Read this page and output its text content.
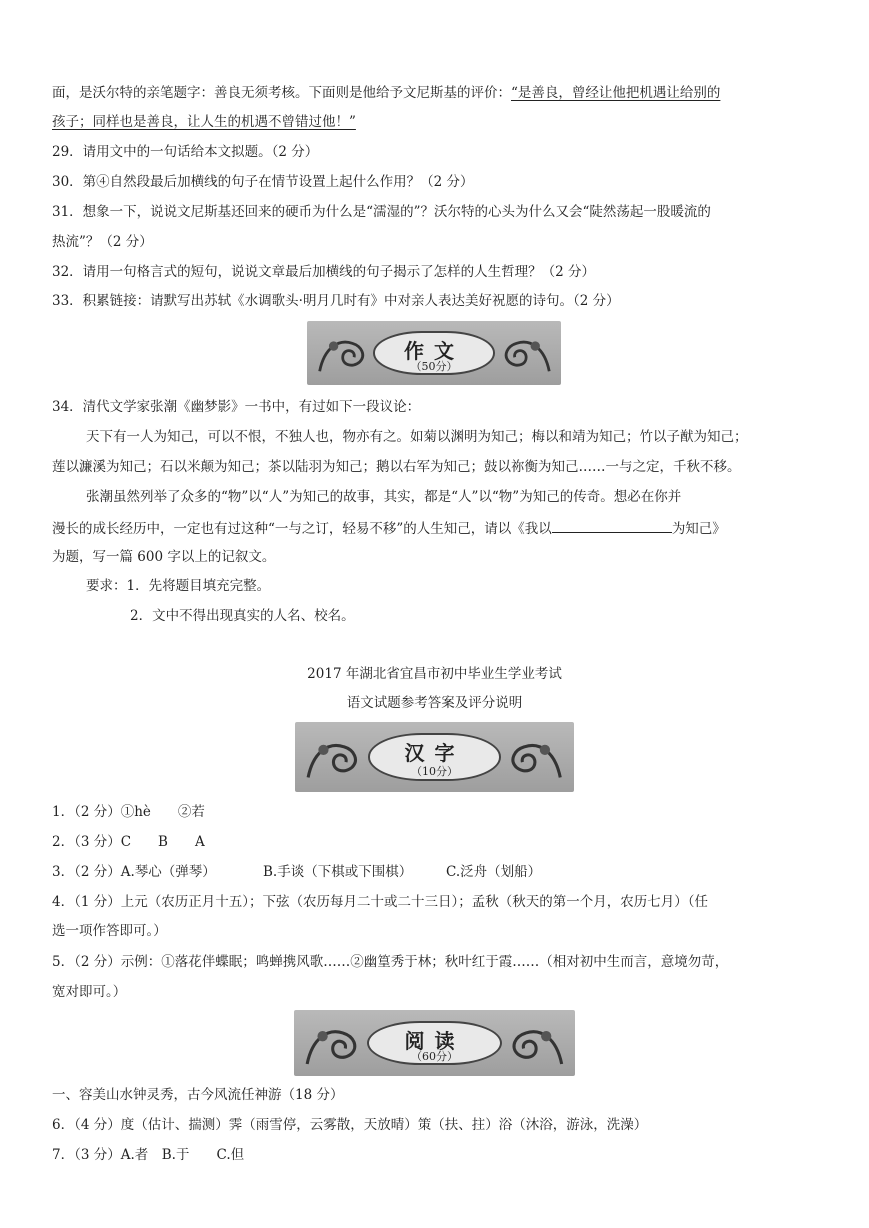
面，是沃尔特的亲笔题字：善良无须考核。下面则是他给予文尼斯基的评价：“是善良，曾经让他把机遇让给别的
孩子；同样也是善良，让人生的机遇不曾错过他！”
29．请用文中的一句话给本文拟题。（2 分）
30．第④自然段最后加横线的句子在情节设置上起什么作用？（2 分）
31．想象一下，说说文尼斯基还回来的硬币为什么是“濡湿的”？沃尔特的心头为什么又会“陡然荡起一股暖流的
热流”？（2 分）
32．请用一句格言式的短句，说说文章最后加横线的句子揭示了怎样的人生哲理？（2 分）
33．积累链接：请默写出苏轼《水调歌头·明月几时有》中对亲人表达美好祝愿的诗句。（2 分）
作文
（50分）
34．清代文学家张潮《幽梦影》一书中，有过如下一段议论：
天下有一人为知己，可以不恨，不独人也，物亦有之。如菊以渊明为知己；梅以和靖为知己；竹以子猷为知己；
莲以濂溪为知己；石以米颠为知己；茶以陆羽为知己；鹅以右军为知己；鼓以祢衡为知己……一与之定，千秋不移。
张潮虽然列举了众多的“物”以“人”为知己的故事，其实，都是“人”以“物”为知己的传奇。想必在你并
漫长的成长经历中，一定也有过这种“一与之订，轻易不移”的人生知己，请以《我以	为知己》
为题，写一篇 600 字以上的记叙文。
要求：1．先将题目填充完整。
2．文中不得出现真实的人名、校名。
2017 年湖北省宜昌市初中毕业生学业考试
语文试题参考答案及评分说明
汉字
（10分）
1．（2 分）①hè　　②若
2．（3 分）C　　B　　A
3．（2 分）A.琴心（弹琴）　　　　B.手谈（下棋或下围棋）　　　C.泛舟（划船）
4．（1 分）上元（农历正月十五）；下弦（农历每月二十或二十三日）；孟秋（秋天的第一个月，农历七月）（任
选一项作答即可。）
5．（2 分）示例：①落花伴蝶眠；鸣蝉携风歌……②幽篁秀于林；秋叶红于霞……（相对初中生而言，意境勿苛，
宽对即可。）
阅读
（60分）
一、容美山水钟灵秀，古今风流任神游（18 分）
6．（4 分）度（估计、揣测）霁（雨雪停，云雾散，天放晴）策（扶、拄）浴（沐浴，游泳，洗澡）
7．（3 分）A.者　B.于　　C.但
